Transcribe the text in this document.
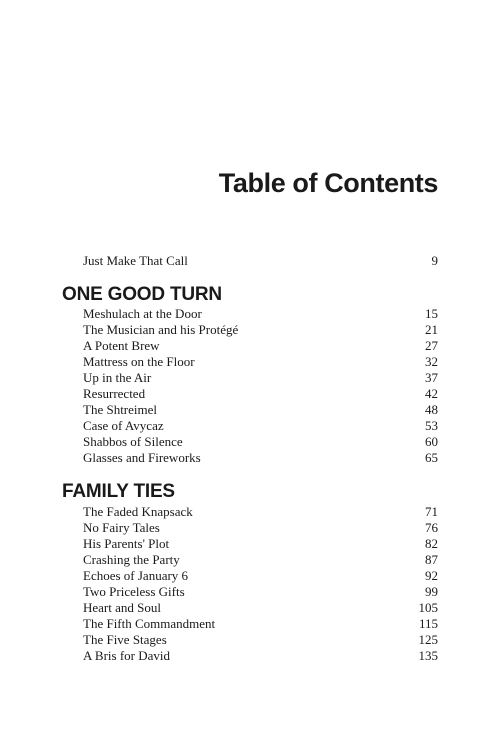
Table of Contents
Just Make That Call	9
ONE GOOD TURN
Meshulach at the Door	15
The Musician and his Protégé	21
A Potent Brew	27
Mattress on the Floor	32
Up in the Air	37
Resurrected	42
The Shtreimel	48
Case of Avycaz	53
Shabbos of Silence	60
Glasses and Fireworks	65
FAMILY TIES
The Faded Knapsack	71
No Fairy Tales	76
His Parents' Plot	82
Crashing the Party	87
Echoes of January 6	92
Two Priceless Gifts	99
Heart and Soul	105
The Fifth Commandment	115
The Five Stages	125
A Bris for David	135
